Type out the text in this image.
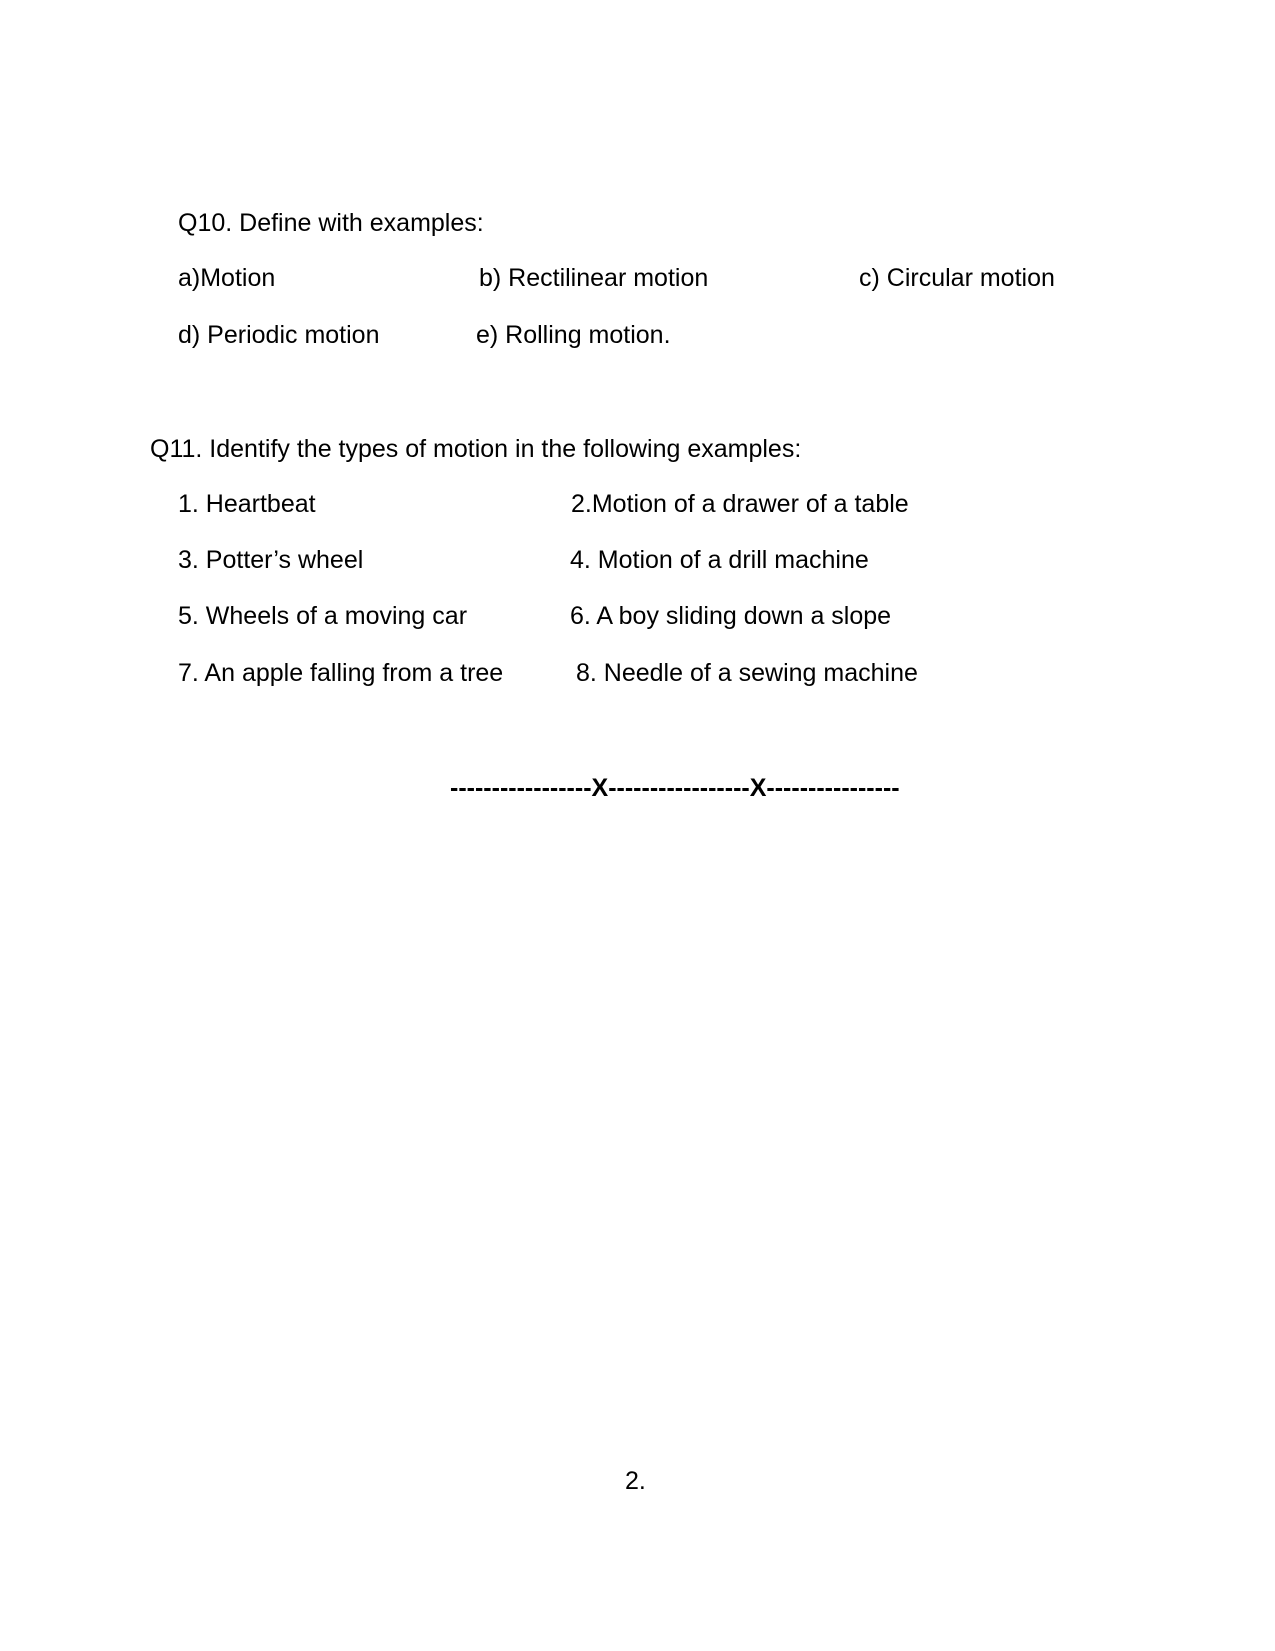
Q10. Define with examples:
a)Motion	b) Rectilinear motion	c) Circular motion
d) Periodic motion	e) Rolling motion.
Q11. Identify the types of motion in the following examples:
1. Heartbeat	2.Motion of a drawer of a table
3. Potter’s wheel	4. Motion of a drill machine
5. Wheels of a moving car	6. A boy sliding down a slope
7. An apple falling from a tree	8. Needle of a sewing machine
-----------------X-----------------X----------------
2.
